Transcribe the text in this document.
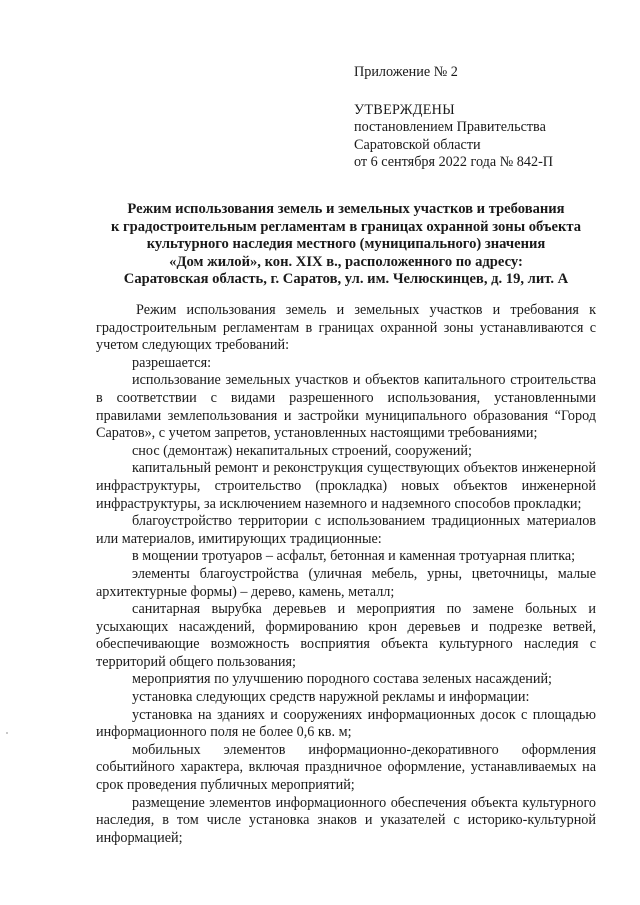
Приложение № 2

УТВЕРЖДЕНЫ

постановлением Правительства

Саратовской области

от 6 сентября 2022 года № 842-П

Режим использования земель и земельных участков и требования
к градостроительным регламентам в границах охранной зоны объекта
культурного наследия местного (муниципального) значения
«Дом жилой», кон. XIX в., расположенного по адресу:
Саратовская область, г. Саратов, ул. им. Челюскинцев, д. 19, лит. А

Режим использования земель и земельных участков и требования к градостроительным регламентам в границах охранной зоны устанавливаются с учетом следующих требований:

разрешается:

использование земельных участков и объектов капитального строительства в соответствии с видами разрешенного использования, установленными правилами землепользования и застройки муниципального образования “Город Саратов», с учетом запретов, установленных настоящими требованиями;

снос (демонтаж) некапитальных строений, сооружений;

капитальный ремонт и реконструкция существующих объектов инженерной инфраструктуры, строительство (прокладка) новых объектов инженерной инфраструктуры, за исключением наземного и надземного способов прокладки;

благоустройство территории с использованием традиционных материалов или материалов, имитирующих традиционные:

в мощении тротуаров – асфальт, бетонная и каменная тротуарная плитка;

элементы благоустройства (уличная мебель, урны, цветочницы, малые архитектурные формы) – дерево, камень, металл;

санитарная вырубка деревьев и мероприятия по замене больных и усыхающих насаждений, формированию крон деревьев и подрезке ветвей, обеспечивающие возможность восприятия объекта культурного наследия с территорий общего пользования;

мероприятия по улучшению породного состава зеленых насаждений;

установка следующих средств наружной рекламы и информации:

установка на зданиях и сооружениях информационных досок с площадью информационного поля не более 0,6 кв. м;

мобильных элементов информационно-декоративного оформления событийного характера, включая праздничное оформление, устанавливаемых на срок проведения публичных мероприятий;

размещение элементов информационного обеспечения объекта культурного наследия, в том числе установка знаков и указателей с историко-культурной информацией;
